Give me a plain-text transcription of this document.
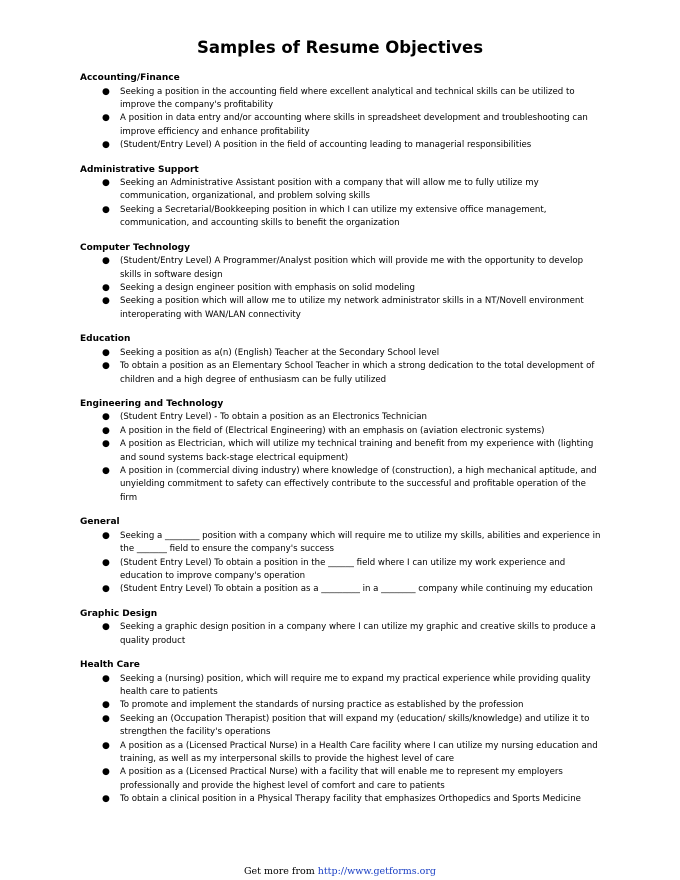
Samples of Resume Objectives
Accounting/Finance
● Seeking a position in the accounting field where excellent analytical and technical skills can be utilized to improve the company's profitability
● A position in data entry and/or accounting where skills in spreadsheet development and troubleshooting can improve efficiency and enhance profitability
● (Student/Entry Level) A position in the field of accounting leading to managerial responsibilities
Administrative Support
● Seeking an Administrative Assistant position with a company that will allow me to fully utilize my communication, organizational, and problem solving skills
● Seeking a Secretarial/Bookkeeping position in which I can utilize my extensive office management, communication, and accounting skills to benefit the organization
Computer Technology
● (Student/Entry Level) A Programmer/Analyst position which will provide me with the opportunity to develop skills in software design
● Seeking a design engineer position with emphasis on solid modeling
● Seeking a position which will allow me to utilize my network administrator skills in a NT/Novell environment interoperating with WAN/LAN connectivity
Education
● Seeking a position as a(n) (English) Teacher at the Secondary School level
● To obtain a position as an Elementary School Teacher in which a strong dedication to the total development of children and a high degree of enthusiasm can be fully utilized
Engineering and Technology
● (Student Entry Level) - To obtain a position as an Electronics Technician
● A position in the field of (Electrical Engineering) with an emphasis on (aviation electronic systems)
● A position as Electrician, which will utilize my technical training and benefit from my experience with (lighting and sound systems back-stage electrical equipment)
● A position in (commercial diving industry) where knowledge of (construction), a high mechanical aptitude, and unyielding commitment to safety can effectively contribute to the successful and profitable operation of the firm
General
● Seeking a ________ position with a company which will require me to utilize my skills, abilities and experience in the _______ field to ensure the company's success
● (Student Entry Level) To obtain a position in the ______ field where I can utilize my work experience and education to improve company's operation
● (Student Entry Level) To obtain a position as a _________ in a ________ company while continuing my education
Graphic Design
● Seeking a graphic design position in a company where I can utilize my graphic and creative skills to produce a quality product
Health Care
● Seeking a (nursing) position, which will require me to expand my practical experience while providing quality health care to patients
● To promote and implement the standards of nursing practice as established by the profession
● Seeking an (Occupation Therapist) position that will expand my (education/ skills/knowledge) and utilize it to strengthen the facility's operations
● A position as a (Licensed Practical Nurse) in a Health Care facility where I can utilize my nursing education and training, as well as my interpersonal skills to provide the highest level of care
● A position as a (Licensed Practical Nurse) with a facility that will enable me to represent my employers professionally and provide the highest level of comfort and care to patients
● To obtain a clinical position in a Physical Therapy facility that emphasizes Orthopedics and Sports Medicine
Get more from http://www.getforms.org
